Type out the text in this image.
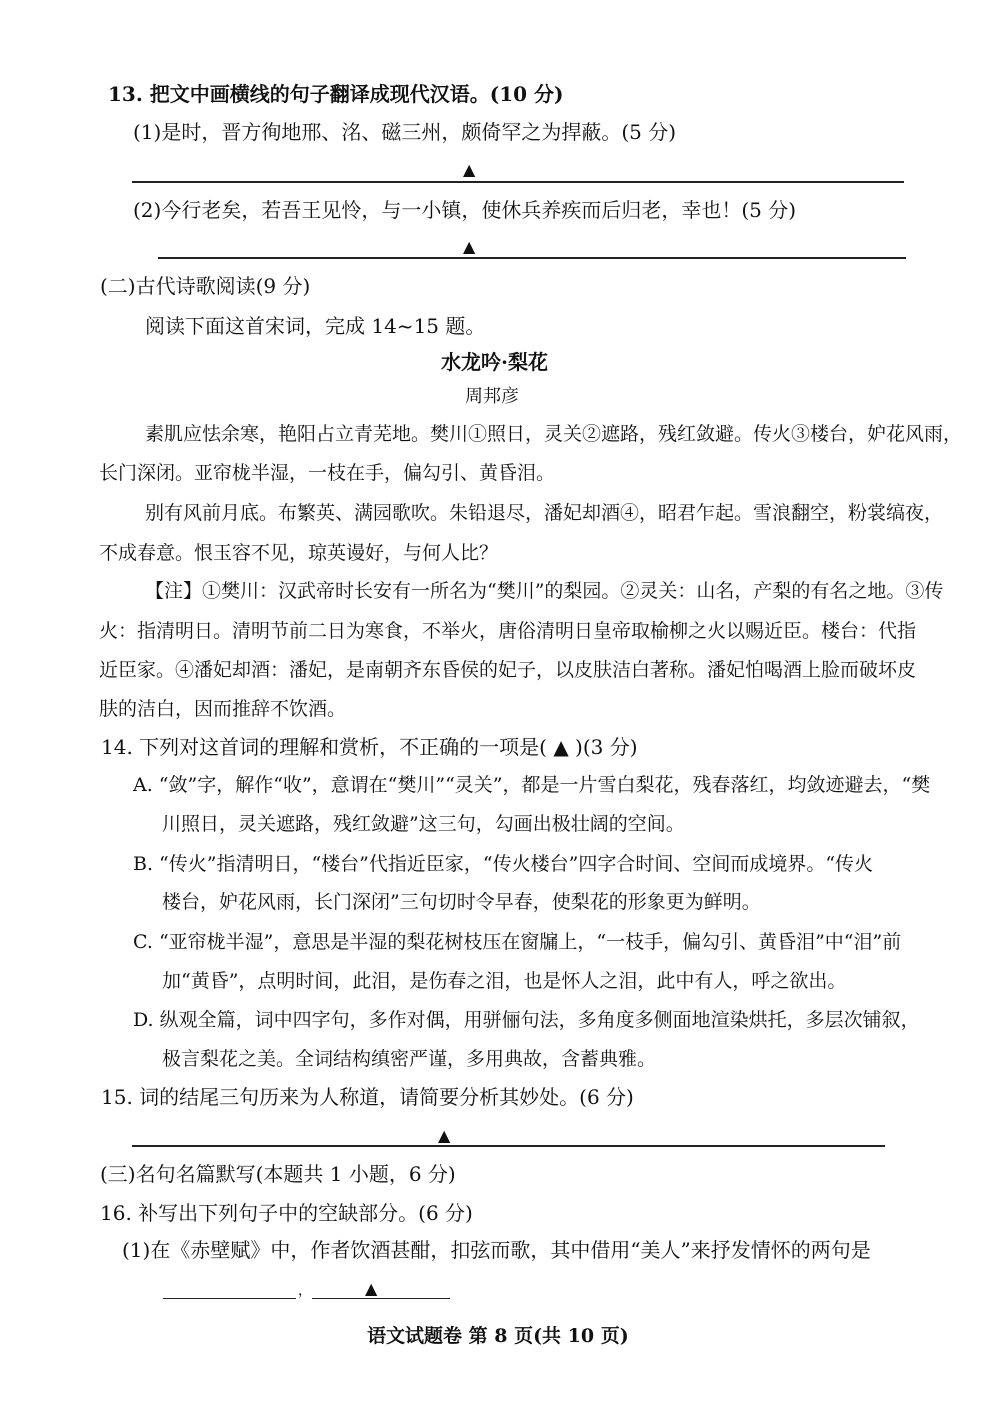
13. 把文中画横线的句子翻译成现代汉语。(10 分)
(1)是时，晋方徇地邢、洺、磁三州，颇倚罕之为捍蔽。(5 分)
▲
(2)今行老矣，若吾王见怜，与一小镇，使休兵养疾而后归老，幸也！(5 分)
▲
(二)古代诗歌阅读(9 分)
阅读下面这首宋词，完成 14~15 题。
水龙吟·梨花
周邦彦
素肌应怯余寒，艳阳占立青芜地。樊川①照日，灵关②遮路，残红敛避。传火③楼台，妒花风雨，
长门深闭。亚帘栊半湿，一枝在手，偏勾引、黄昏泪。
别有风前月底。布繁英、满园歌吹。朱铅退尽，潘妃却酒④，昭君乍起。雪浪翻空，粉裳缟夜，
不成春意。恨玉容不见，琼英谩好，与何人比？
【注】①樊川：汉武帝时长安有一所名为“樊川”的梨园。②灵关：山名，产梨的有名之地。③传
火：指清明日。清明节前二日为寒食，不举火，唐俗清明日皇帝取榆柳之火以赐近臣。楼台：代指
近臣家。④潘妃却酒：潘妃，是南朝齐东昏侯的妃子，以皮肤洁白著称。潘妃怕喝酒上脸而破坏皮
肤的洁白，因而推辞不饮酒。
14. 下列对这首词的理解和赏析，不正确的一项是( ▲ )(3 分)
A. “敛”字，解作“收”，意谓在“樊川”“灵关”，都是一片雪白梨花，残春落红，均敛迹避去，“樊
川照日，灵关遮路，残红敛避”这三句，勾画出极壮阔的空间。
B. “传火”指清明日，“楼台”代指近臣家，“传火楼台”四字合时间、空间而成境界。“传火
楼台，妒花风雨，长门深闭”三句切时令早春，使梨花的形象更为鲜明。
C. “亚帘栊半湿”，意思是半湿的梨花树枝压在窗牖上，“一枝手，偏勾引、黄昏泪”中“泪”前
加“黄昏”，点明时间，此泪，是伤春之泪，也是怀人之泪，此中有人，呼之欲出。
D. 纵观全篇，词中四字句，多作对偶，用骈俪句法，多角度多侧面地渲染烘托，多层次铺叙，
极言梨花之美。全词结构缜密严谨，多用典故，含蓄典雅。
15. 词的结尾三句历来为人称道，请简要分析其妙处。(6 分)
▲
(三)名句名篇默写(本题共 1 小题，6 分)
16. 补写出下列句子中的空缺部分。(6 分)
(1)在《赤壁赋》中，作者饮酒甚酣，扣弦而歌，其中借用“美人”来抒发情怀的两句是
，	▲
语文试题卷 第 8 页(共 10 页)
